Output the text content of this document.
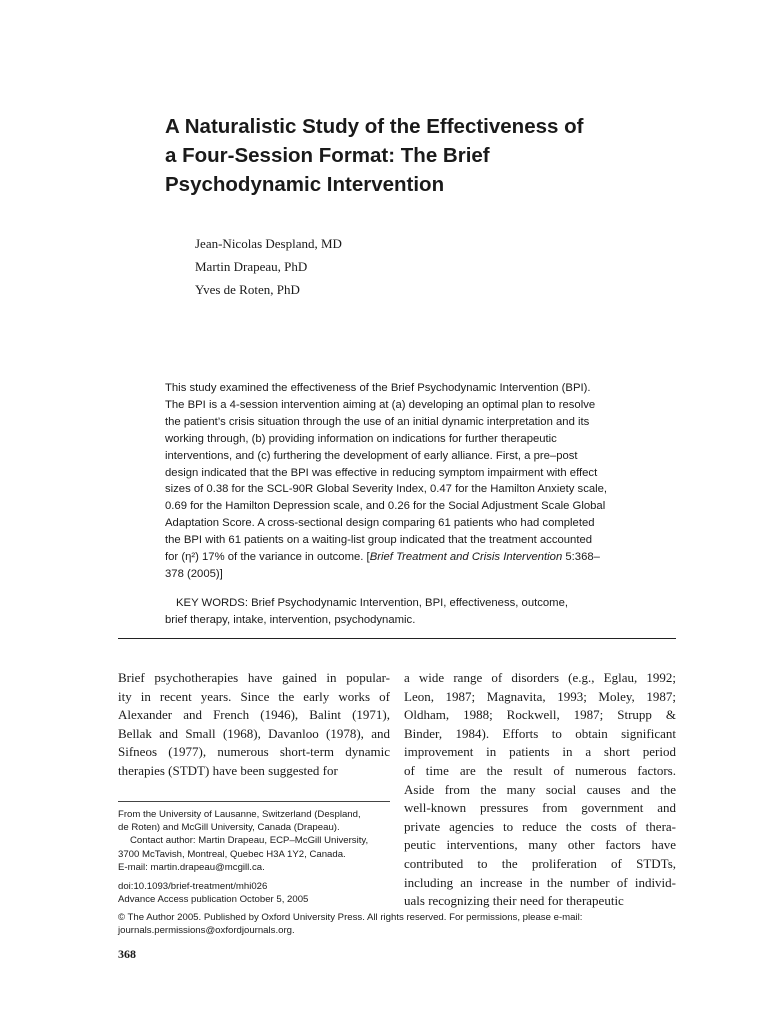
A Naturalistic Study of the Effectiveness of
a Four-Session Format: The Brief
Psychodynamic Intervention
Jean-Nicolas Despland, MD
Martin Drapeau, PhD
Yves de Roten, PhD

This study examined the effectiveness of the Brief Psychodynamic Intervention (BPI).
The BPI is a 4-session intervention aiming at (a) developing an optimal plan to resolve
the patient’s crisis situation through the use of an initial dynamic interpretation and its
working through, (b) providing information on indications for further therapeutic
interventions, and (c) furthering the development of early alliance. First, a pre–post
design indicated that the BPI was effective in reducing symptom impairment with effect
sizes of 0.38 for the SCL-90R Global Severity Index, 0.47 for the Hamilton Anxiety scale,
0.69 for the Hamilton Depression scale, and 0.26 for the Social Adjustment Scale Global
Adaptation Score. A cross-sectional design comparing 61 patients who had completed
the BPI with 61 patients on a waiting-list group indicated that the treatment accounted
for (η²) 17% of the variance in outcome. [Brief Treatment and Crisis Intervention 5:368–
378 (2005)]

KEY WORDS: Brief Psychodynamic Intervention, BPI, effectiveness, outcome,
brief therapy, intake, intervention, psychodynamic.

Brief psychotherapies have gained in popular-
ity in recent years. Since the early works of
Alexander and French (1946), Balint (1971),
Bellak and Small (1968), Davanloo (1978), and
Sifneos (1977), numerous short-term dynamic
therapies (STDT) have been suggested for

a wide range of disorders (e.g., Eglau, 1992;
Leon, 1987; Magnavita, 1993; Moley, 1987;
Oldham, 1988; Rockwell, 1987; Strupp &
Binder, 1984). Efforts to obtain significant
improvement in patients in a short period
of time are the result of numerous factors.
Aside from the many social causes and the
well-known pressures from government and
private agencies to reduce the costs of thera-
peutic interventions, many other factors have
contributed to the proliferation of STDTs,
including an increase in the number of individ-
uals recognizing their need for therapeutic

From the University of Lausanne, Switzerland (Despland,
de Roten) and McGill University, Canada (Drapeau).
Contact author: Martin Drapeau, ECP–McGill University,
3700 McTavish, Montreal, Quebec H3A 1Y2, Canada.
E-mail: martin.drapeau@mcgill.ca.
doi:10.1093/brief-treatment/mhi026
Advance Access publication October 5, 2005
© The Author 2005. Published by Oxford University Press. All rights reserved. For permissions, please e-mail:
journals.permissions@oxfordjournals.org.
368
